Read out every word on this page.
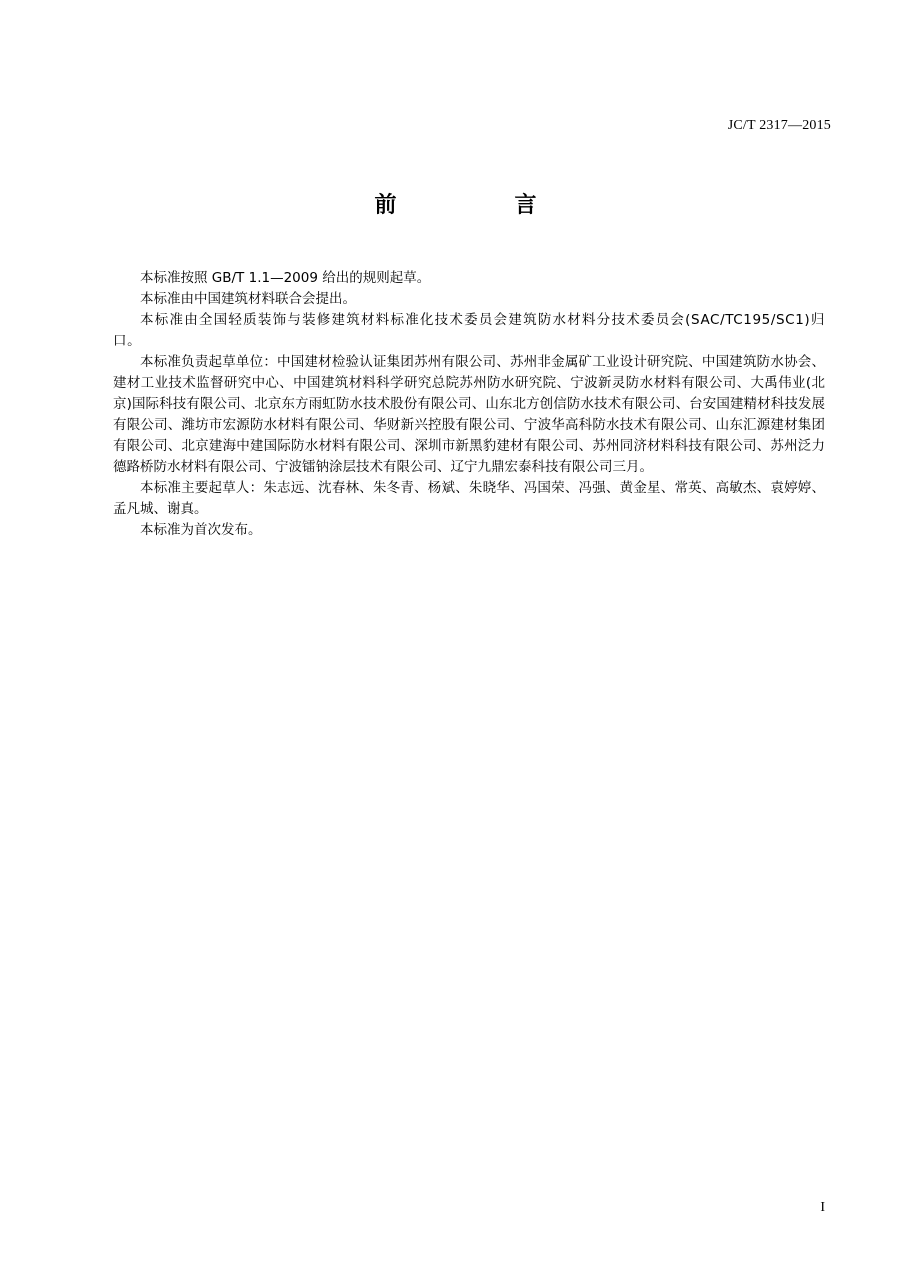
JC/T 2317—2015
前　言

本标准按照 GB/T 1.1—2009 给出的规则起草。

本标准由中国建筑材料联合会提出。

本标准由全国轻质装饰与装修建筑材料标准化技术委员会建筑防水材料分技术委员会(SAC/TC195/SC1)归口。

本标准负责起草单位：中国建材检验认证集团苏州有限公司、苏州非金属矿工业设计研究院、中国建筑防水协会、建材工业技术监督研究中心、中国建筑材料科学研究总院苏州防水研究院、宁波新灵防水材料有限公司、大禹伟业(北京)国际科技有限公司、北京东方雨虹防水技术股份有限公司、山东北方创信防水技术有限公司、台安国建精材科技发展有限公司、潍坊市宏源防水材料有限公司、华财新兴控股有限公司、宁波华高科防水技术有限公司、山东汇源建材集团有限公司、北京建海中建国际防水材料有限公司、深圳市新黑豹建材有限公司、苏州同济材料科技有限公司、苏州泛力德路桥防水材料有限公司、宁波镭钠涂层技术有限公司、辽宁九鼎宏泰科技有限公司三月。

本标准主要起草人：朱志远、沈春林、朱冬青、杨斌、朱晓华、冯国荣、冯强、黄金星、常英、高敏杰、袁婷婷、孟凡城、谢真。

本标准为首次发布。

I
